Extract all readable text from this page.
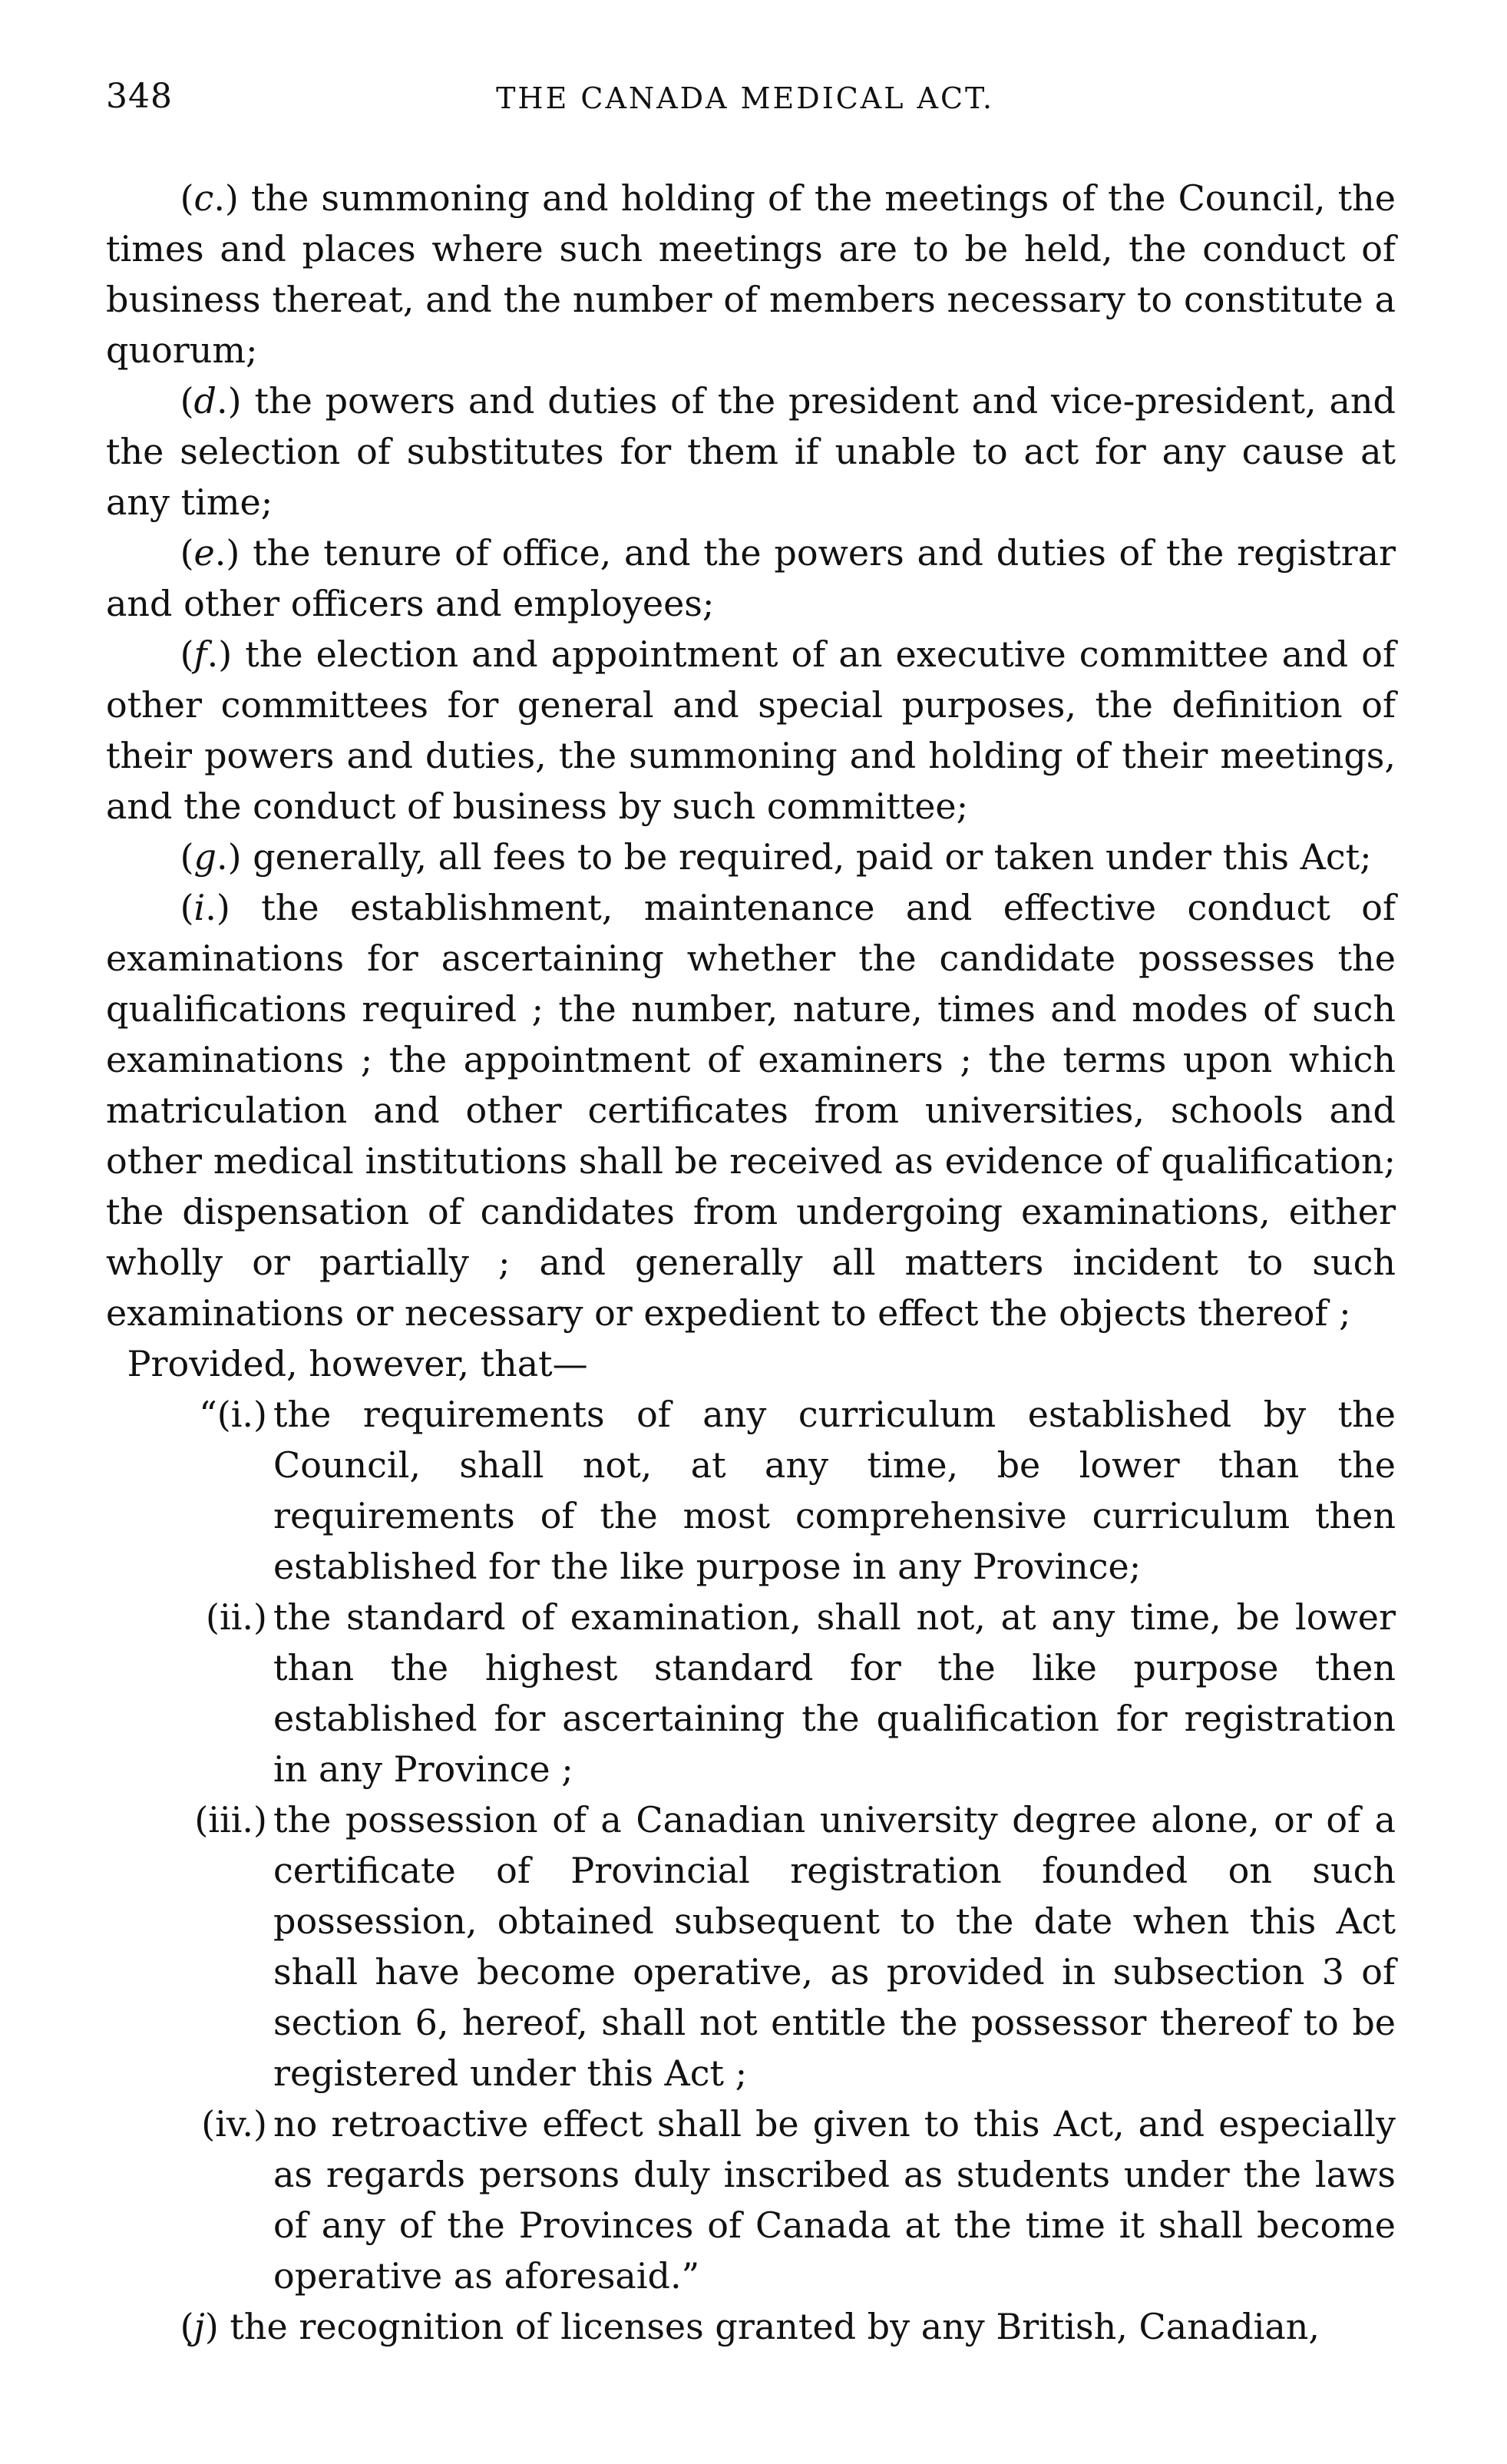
348	THE CANADA MEDICAL ACT.

(c.) the summoning and holding of the meetings of the Council, the times and places where such meetings are to be held, the conduct of business thereat, and the number of members necessary to constitute a quorum;

(d.) the powers and duties of the president and vice-president, and the selection of substitutes for them if unable to act for any cause at any time;

(e.) the tenure of office, and the powers and duties of the registrar and other officers and employees;

(f.) the election and appointment of an executive committee and of other committees for general and special purposes, the definition of their powers and duties, the summoning and holding of their meetings, and the conduct of business by such committee;

(g.) generally, all fees to be required, paid or taken under this Act;

(i.) the establishment, maintenance and effective conduct of examinations for ascertaining whether the candidate possesses the qualifications required ; the number, nature, times and modes of such examinations ; the appointment of examiners ; the terms upon which matriculation and other certificates from universities, schools and other medical institutions shall be received as evidence of qualification; the dispensation of candidates from undergoing examinations, either wholly or partially ; and generally all matters incident to such examinations or necessary or expedient to effect the objects thereof ;

Provided, however, that—

“(i.) the requirements of any curriculum established by the Council, shall not, at any time, be lower than the requirements of the most comprehensive curriculum then established for the like purpose in any Province;

(ii.) the standard of examination, shall not, at any time, be lower than the highest standard for the like purpose then established for ascertaining the qualification for registration in any Province ;

(iii.) the possession of a Canadian university degree alone, or of a certificate of Provincial registration founded on such possession, obtained subsequent to the date when this Act shall have become operative, as provided in subsection 3 of section 6, hereof, shall not entitle the possessor thereof to be registered under this Act ;

(iv.) no retroactive effect shall be given to this Act, and especially as regards persons duly inscribed as students under the laws of any of the Provinces of Canada at the time it shall become operative as aforesaid.”

(j) the recognition of licenses granted by any British, Canadian,
